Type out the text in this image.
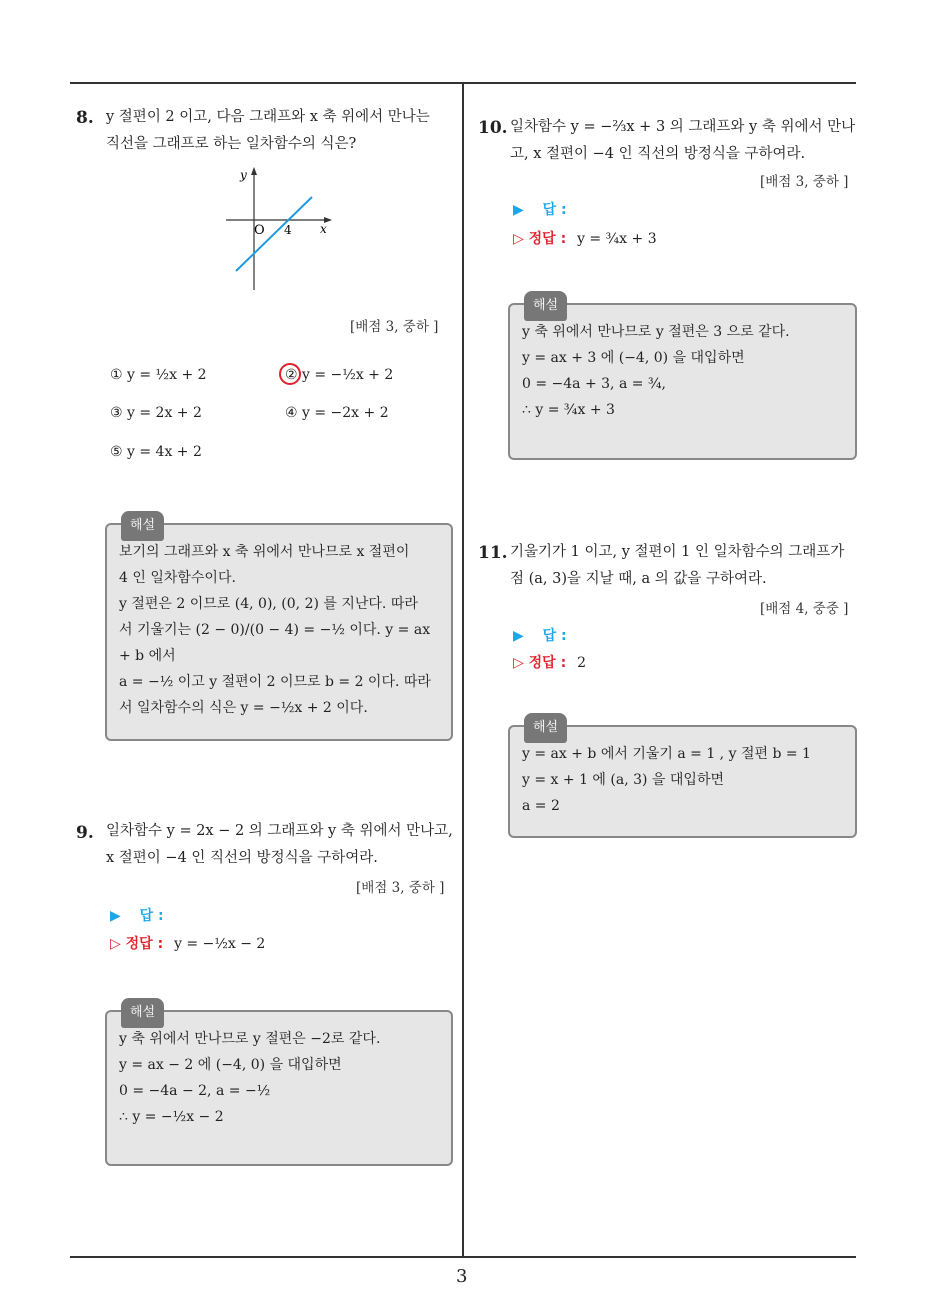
3
8. y 절편이 2 이고, 다음 그래프와 x 축 위에서 만나는
직선을 그래프로 하는 일차함수의 식은?
y
O 4 x
[배점 3, 중하 ]
① y = ½x + 2	② y = −½x + 2
③ y = 2x + 2	④ y = −2x + 2
⑤ y = 4x + 2
해설
보기의 그래프와 x 축 위에서 만나므로 x 절편이
4 인 일차함수이다.
y 절편은 2 이므로 (4, 0), (0, 2) 를 지난다. 따라
서 기울기는 (2 − 0)/(0 − 4) = −½ 이다. y = ax + b 에서
a = −½ 이고 y 절편이 2 이므로 b = 2 이다. 따라
서 일차함수의 식은 y = −½x + 2 이다.
9. 일차함수 y = 2x − 2 의 그래프와 y 축 위에서 만나고,
x 절편이 −4 인 직선의 방정식을 구하여라.
[배점 3, 중하 ]
▶ 답 :
▷ 정답 : y = −½x − 2
해설
y 축 위에서 만나므로 y 절편은 −2로 같다.
y = ax − 2 에 (−4, 0) 을 대입하면
0 = −4a − 2, a = −½
∴ y = −½x − 2
10. 일차함수 y = −⅔x + 3 의 그래프와 y 축 위에서 만나
고, x 절편이 −4 인 직선의 방정식을 구하여라.
[배점 3, 중하 ]
▶ 답 :
▷ 정답 : y = ¾x + 3
해설
y 축 위에서 만나므로 y 절편은 3 으로 같다.
y = ax + 3 에 (−4, 0) 을 대입하면
0 = −4a + 3, a = ¾,
∴ y = ¾x + 3
11. 기울기가 1 이고, y 절편이 1 인 일차함수의 그래프가
점 (a, 3)을 지날 때, a 의 값을 구하여라.
[배점 4, 중중 ]
▶ 답 :
▷ 정답 : 2
해설
y = ax + b 에서 기울기 a = 1 , y 절편 b = 1
y = x + 1 에 (a, 3) 을 대입하면
a = 2
